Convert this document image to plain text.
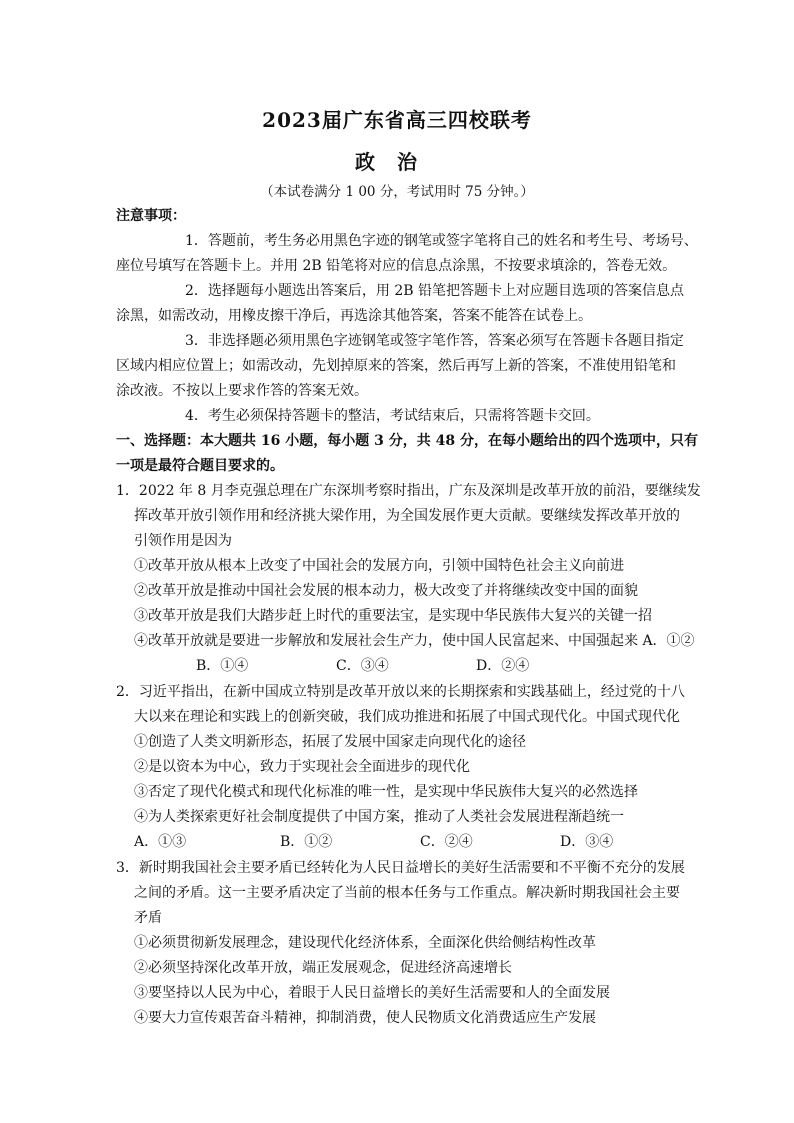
2023届广东省高三四校联考
政治
（本试卷满分 1 00 分，考试用时 75 分钟。）
注意事项：
1．答题前，考生务必用黑色字迹的钢笔或签字笔将自己的姓名和考生号、考场号、
座位号填写在答题卡上。并用 2B 铅笔将对应的信息点涂黑，不按要求填涂的，答卷无效。
2．选择题每小题选出答案后，用 2B 铅笔把答题卡上对应题目选项的答案信息点
涂黑，如需改动，用橡皮擦干净后，再选涂其他答案，答案不能答在试卷上。
3．非选择题必须用黑色字迹钢笔或签字笔作答，答案必须写在答题卡各题目指定
区域内相应位置上；如需改动，先划掉原来的答案，然后再写上新的答案，不准使用铅笔和
涂改液。不按以上要求作答的答案无效。
4．考生必须保持答题卡的整洁，考试结束后，只需将答题卡交回。
一、选择题：本大题共 16 小题，每小题 3 分，共 48 分，在每小题给出的四个选项中，只有
一项是最符合题目要求的。
1．2022 年 8 月李克强总理在广东深圳考察时指出，广东及深圳是改革开放的前沿，要继续发
挥改革开放引领作用和经济挑大梁作用，为全国发展作更大贡献。要继续发挥改革开放的
引领作用是因为
①改革开放从根本上改变了中国社会的发展方向，引领中国特色社会主义向前进
②改革开放是推动中国社会发展的根本动力，极大改变了并将继续改变中国的面貌
③改革开放是我们大踏步赶上时代的重要法宝，是实现中华民族伟大复兴的关键一招
④改革开放就是要进一步解放和发展社会生产力，使中国人民富起来、中国强起来 A．①②
B．①④	C．③④	D．②④
2．习近平指出，在新中国成立特别是改革开放以来的长期探索和实践基础上，经过党的十八
大以来在理论和实践上的创新突破，我们成功推进和拓展了中国式现代化。中国式现代化
①创造了人类文明新形态，拓展了发展中国家走向现代化的途径
②是以资本为中心，致力于实现社会全面进步的现代化
③否定了现代化模式和现代化标准的唯一性，是实现中华民族伟大复兴的必然选择
④为人类探索更好社会制度提供了中国方案，推动了人类社会发展进程渐趋统一
A．①③	B．①②	C．②④	D．③④
3．新时期我国社会主要矛盾已经转化为人民日益增长的美好生活需要和不平衡不充分的发展
之间的矛盾。这一主要矛盾决定了当前的根本任务与工作重点。解决新时期我国社会主要
矛盾
①必须贯彻新发展理念，建设现代化经济体系，全面深化供给侧结构性改革
②必须坚持深化改革开放，端正发展观念，促进经济高速增长
③要坚持以人民为中心，着眼于人民日益增长的美好生活需要和人的全面发展
④要大力宣传艰苦奋斗精神，抑制消费，使人民物质文化消费适应生产发展
